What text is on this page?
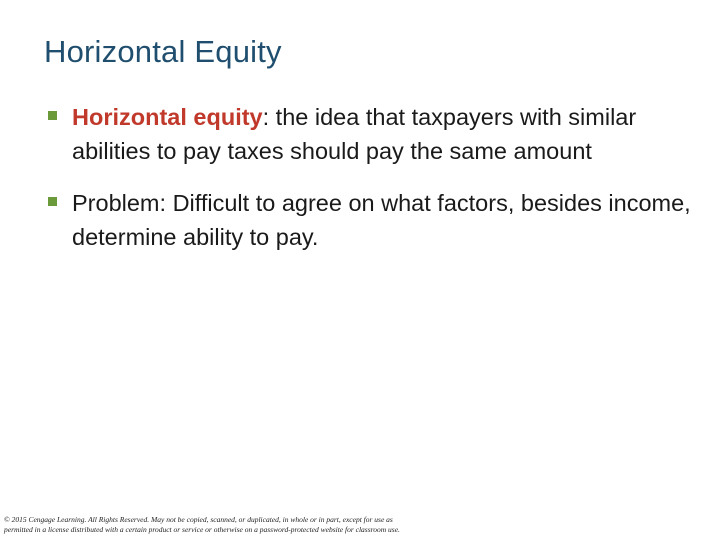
Horizontal Equity
Horizontal equity: the idea that taxpayers with similar abilities to pay taxes should pay the same amount
Problem: Difficult to agree on what factors, besides income, determine ability to pay.
© 2015 Cengage Learning. All Rights Reserved. May not be copied, scanned, or duplicated, in whole or in part, except for use as
permitted in a license distributed with a certain product or service or otherwise on a password-protected website for classroom use.
